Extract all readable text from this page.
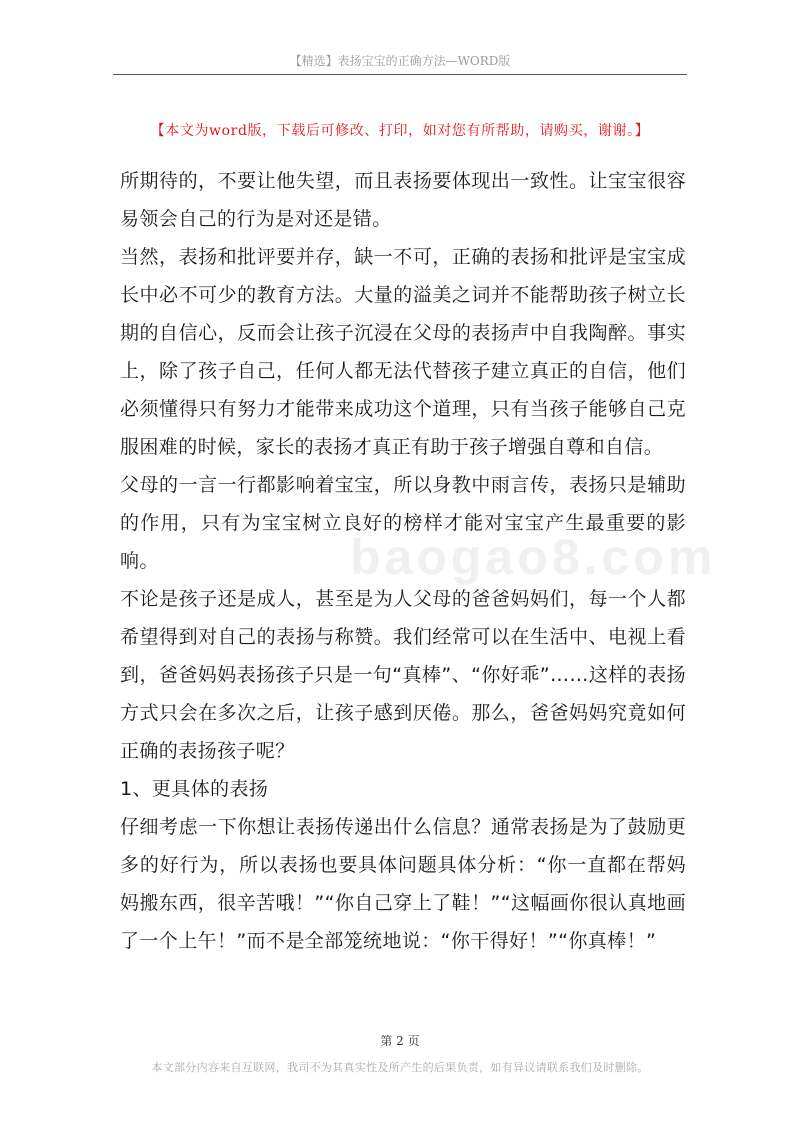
【精选】表扬宝宝的正确方法—WORD版
【本文为word版，下载后可修改、打印，如对您有所帮助，请购买，谢谢。】

所期待的，不要让他失望，而且表扬要体现出一致性。让宝宝很容易领会自己的行为是对还是错。

当然，表扬和批评要并存，缺一不可，正确的表扬和批评是宝宝成长中必不可少的教育方法。大量的溢美之词并不能帮助孩子树立长期的自信心，反而会让孩子沉浸在父母的表扬声中自我陶醉。事实上，除了孩子自己，任何人都无法代替孩子建立真正的自信，他们必须懂得只有努力才能带来成功这个道理，只有当孩子能够自己克服困难的时候，家长的表扬才真正有助于孩子增强自尊和自信。

父母的一言一行都影响着宝宝，所以身教中雨言传，表扬只是辅助的作用，只有为宝宝树立良好的榜样才能对宝宝产生最重要的影响。

不论是孩子还是成人，甚至是为人父母的爸爸妈妈们，每一个人都希望得到对自己的表扬与称赞。我们经常可以在生活中、电视上看到，爸爸妈妈表扬孩子只是一句“真棒”、“你好乖”……这样的表扬方式只会在多次之后，让孩子感到厌倦。那么，爸爸妈妈究竟如何正确的表扬孩子呢？

1、更具体的表扬

仔细考虑一下你想让表扬传递出什么信息？通常表扬是为了鼓励更多的好行为，所以表扬也要具体问题具体分析：“你一直都在帮妈妈搬东西，很辛苦哦！”“你自己穿上了鞋！”“这幅画你很认真地画了一个上午！”而不是全部笼统地说：“你干得好！”“你真棒！”

baogao8.com
第 2 页
本文部分内容来自互联网，我司不为其真实性及所产生的后果负责，如有异议请联系我们及时删除。
